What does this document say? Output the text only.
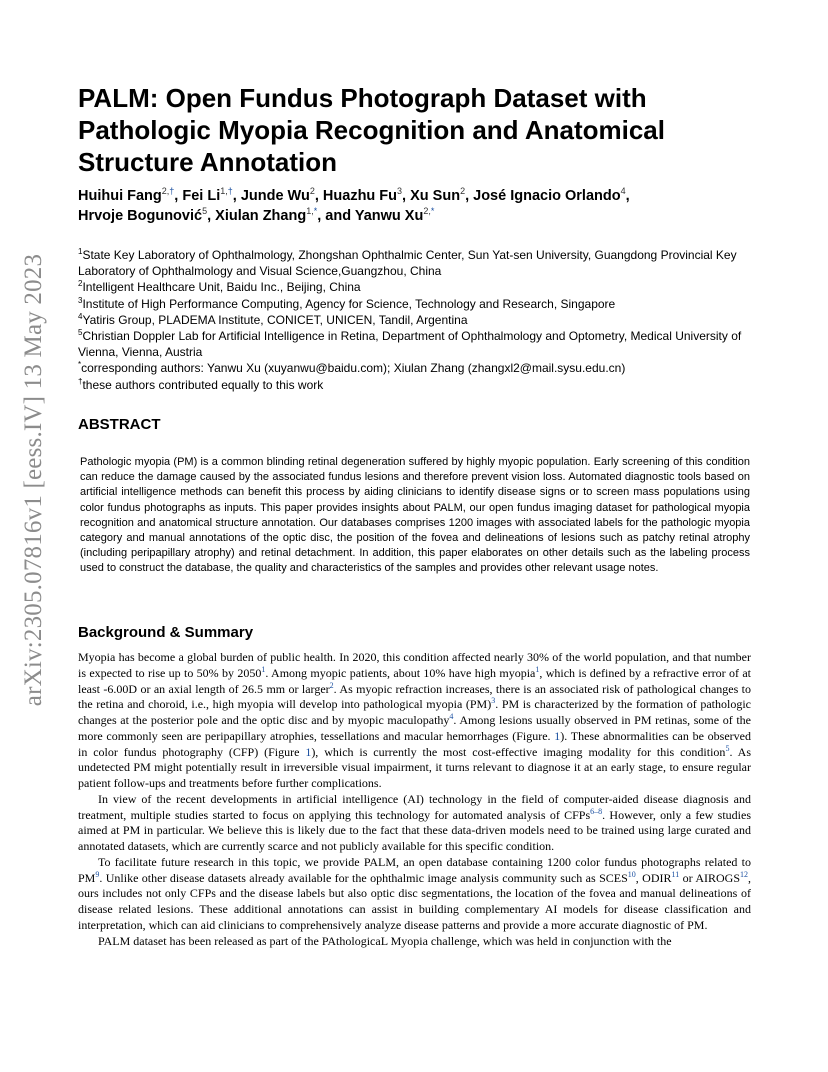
arXiv:2305.07816v1 [eess.IV] 13 May 2023
PALM: Open Fundus Photograph Dataset with Pathologic Myopia Recognition and Anatomical Structure Annotation

Huihui Fang$^{2,\dagger}$, Fei $Li^{1,\dagger}$, Junde Wu$^2$, Huazhu Fu$^3$, Xu Sun$^2$, José Ignacio Orlando$^4$,
Hrvoje Bogunović$^5$, Xiulan Zhang$^{1,*}$, and Yanwu $Xu^{2,*}$

$^1$State Key Laboratory of Ophthalmology, Zhongshan Ophthalmic Center, Sun Yat-sen University, Guangdong Provincial Key Laboratory of Ophthalmology and Visual Science,Guangzhou, China

$^2$Intelligent Healthcare Unit, Baidu Inc., Beijing, China

$^3$Institute of High Performance Computing, Agency for Science, Technology and Research, Singapore

$^4$Yatiris Group, PLADEMA Institute, CONICET, UNICEN, Tandil, Argentina

$^5$Christian Doppler Lab for Artificial Intelligence in Retina, Department of Ophthalmology and Optometry, Medical University of Vienna, Vienna, Austria

*corresponding authors: Yanwu Xu (xuyanwu@baidu.com); Xiulan Zhang (zhangxl2@mail.sysu.edu.cn)

†these authors contributed equally to this work

ABSTRACT

Pathologic myopia (PM) is a common blinding retinal degeneration suffered by highly myopic population. Early screening of this condition can reduce the damage caused by the associated fundus lesions and therefore prevent vision loss. Automated diagnostic tools based on artificial intelligence methods can benefit this process by aiding clinicians to identify disease signs or to screen mass populations using color fundus photographs as inputs. This paper provides insights about PALM, our open fundus imaging dataset for pathological myopia recognition and anatomical structure annotation. Our databases comprises 1200 images with associated labels for the pathologic myopia category and manual annotations of the optic disc, the position of the fovea and delineations of lesions such as patchy retinal atrophy (including peripapillary atrophy) and retinal detachment. In addition, this paper elaborates on other details such as the labeling process used to construct the database, the quality and characteristics of the samples and provides other relevant usage notes.

Background & Summary

Myopia has become a global burden of public health. In 2020, this condition affected nearly 30% of the world population, and that number is expected to rise up to 50% by 2050$^1$. Among myopic patients, about 10% have high myopia$^1$, which is defined by a refractive error of at least -6.00D or an axial length of 26.5 mm or larger$^2$. As myopic refraction increases, there is an associated risk of pathological changes to the retina and choroid, i.e., high myopia will develop into pathological myopia (PM)$^3$. PM is characterized by the formation of pathologic changes at the posterior pole and the optic disc and by myopic maculopathy$^4$. Among lesions usually observed in PM retinas, some of the more commonly seen are peripapillary atrophies, tessellations and macular hemorrhages (Figure. 1). These abnormalities can be observed in color fundus photography (CFP) (Figure 1), which is currently the most cost-effective imaging modality for this condition$^5$. As undetected PM might potentially result in irreversible visual impairment, it turns relevant to diagnose it at an early stage, to ensure regular patient follow-ups and treatments before further complications.

In view of the recent developments in artificial intelligence (AI) technology in the field of computer-aided disease diagnosis and treatment, multiple studies started to focus on applying this technology for automated analysis of CFPs$^{6-8}$. However, only a few studies aimed at PM in particular. We believe this is likely due to the fact that these data-driven models need to be trained using large curated and annotated datasets, which are currently scarce and not publicly available for this specific condition.

To facilitate future research in this topic, we provide PALM, an open database containing 1200 color fundus photographs related to PM$^9$. Unlike other disease datasets already available for the ophthalmic image analysis community such as SCES$^{10}$, ODIR$^{11}$ or AIROGS$^{12}$, ours includes not only CFPs and the disease labels but also optic disc segmentations, the location of the fovea and manual delineations of disease related lesions. These additional annotations can assist in building complementary AI models for disease classification and interpretation, which can aid clinicians to comprehensively analyze disease patterns and provide a more accurate diagnostic of PM.

PALM dataset has been released as part of the PAthologicaL Myopia challenge, which was held in conjunction with the
